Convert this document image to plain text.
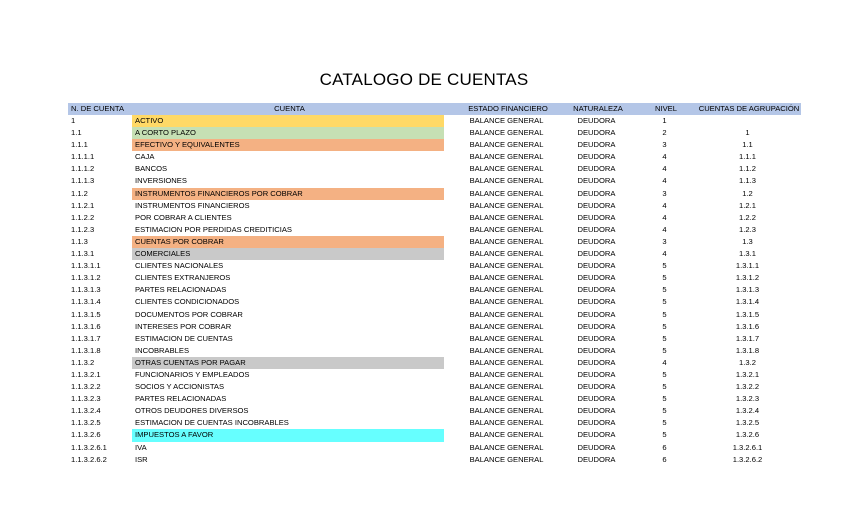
CATALOGO DE CUENTAS
N. DE CUENTA	CUENTA		ESTADO FINANCIERO	NATURALEZA	NIVEL	CUENTAS DE AGRUPACIÓN
1	ACTIVO		BALANCE GENERAL	DEUDORA	1	
1.1	A CORTO PLAZO		BALANCE GENERAL	DEUDORA	2	1
1.1.1	EFECTIVO Y EQUIVALENTES		BALANCE GENERAL	DEUDORA	3	1.1
1.1.1.1	CAJA		BALANCE GENERAL	DEUDORA	4	1.1.1
1.1.1.2	BANCOS		BALANCE GENERAL	DEUDORA	4	1.1.2
1.1.1.3	INVERSIONES		BALANCE GENERAL	DEUDORA	4	1.1.3
1.1.2	INSTRUMENTOS FINANCIEROS POR COBRAR		BALANCE GENERAL	DEUDORA	3	1.2
1.1.2.1	INSTRUMENTOS FINANCIEROS		BALANCE GENERAL	DEUDORA	4	1.2.1
1.1.2.2	POR COBRAR A CLIENTES		BALANCE GENERAL	DEUDORA	4	1.2.2
1.1.2.3	ESTIMACION POR PERDIDAS CREDITICIAS		BALANCE GENERAL	DEUDORA	4	1.2.3
1.1.3	CUENTAS POR COBRAR		BALANCE GENERAL	DEUDORA	3	1.3
1.1.3.1	COMERCIALES		BALANCE GENERAL	DEUDORA	4	1.3.1
1.1.3.1.1	CLIENTES NACIONALES		BALANCE GENERAL	DEUDORA	5	1.3.1.1
1.1.3.1.2	CLIENTES EXTRANJEROS		BALANCE GENERAL	DEUDORA	5	1.3.1.2
1.1.3.1.3	PARTES RELACIONADAS		BALANCE GENERAL	DEUDORA	5	1.3.1.3
1.1.3.1.4	CLIENTES CONDICIONADOS		BALANCE GENERAL	DEUDORA	5	1.3.1.4
1.1.3.1.5	DOCUMENTOS POR COBRAR		BALANCE GENERAL	DEUDORA	5	1.3.1.5
1.1.3.1.6	INTERESES POR COBRAR		BALANCE GENERAL	DEUDORA	5	1.3.1.6
1.1.3.1.7	ESTIMACION DE CUENTAS		BALANCE GENERAL	DEUDORA	5	1.3.1.7
1.1.3.1.8	INCOBRABLES		BALANCE GENERAL	DEUDORA	5	1.3.1.8
1.1.3.2	OTRAS CUENTAS POR PAGAR		BALANCE GENERAL	DEUDORA	4	1.3.2
1.1.3.2.1	FUNCIONARIOS Y EMPLEADOS		BALANCE GENERAL	DEUDORA	5	1.3.2.1
1.1.3.2.2	SOCIOS Y ACCIONISTAS		BALANCE GENERAL	DEUDORA	5	1.3.2.2
1.1.3.2.3	PARTES RELACIONADAS		BALANCE GENERAL	DEUDORA	5	1.3.2.3
1.1.3.2.4	OTROS DEUDORES DIVERSOS		BALANCE GENERAL	DEUDORA	5	1.3.2.4
1.1.3.2.5	ESTIMACION DE CUENTAS INCOBRABLES		BALANCE GENERAL	DEUDORA	5	1.3.2.5
1.1.3.2.6	IMPUESTOS A FAVOR		BALANCE GENERAL	DEUDORA	5	1.3.2.6
1.1.3.2.6.1	IVA		BALANCE GENERAL	DEUDORA	6	1.3.2.6.1
1.1.3.2.6.2	ISR		BALANCE GENERAL	DEUDORA	6	1.3.2.6.2
